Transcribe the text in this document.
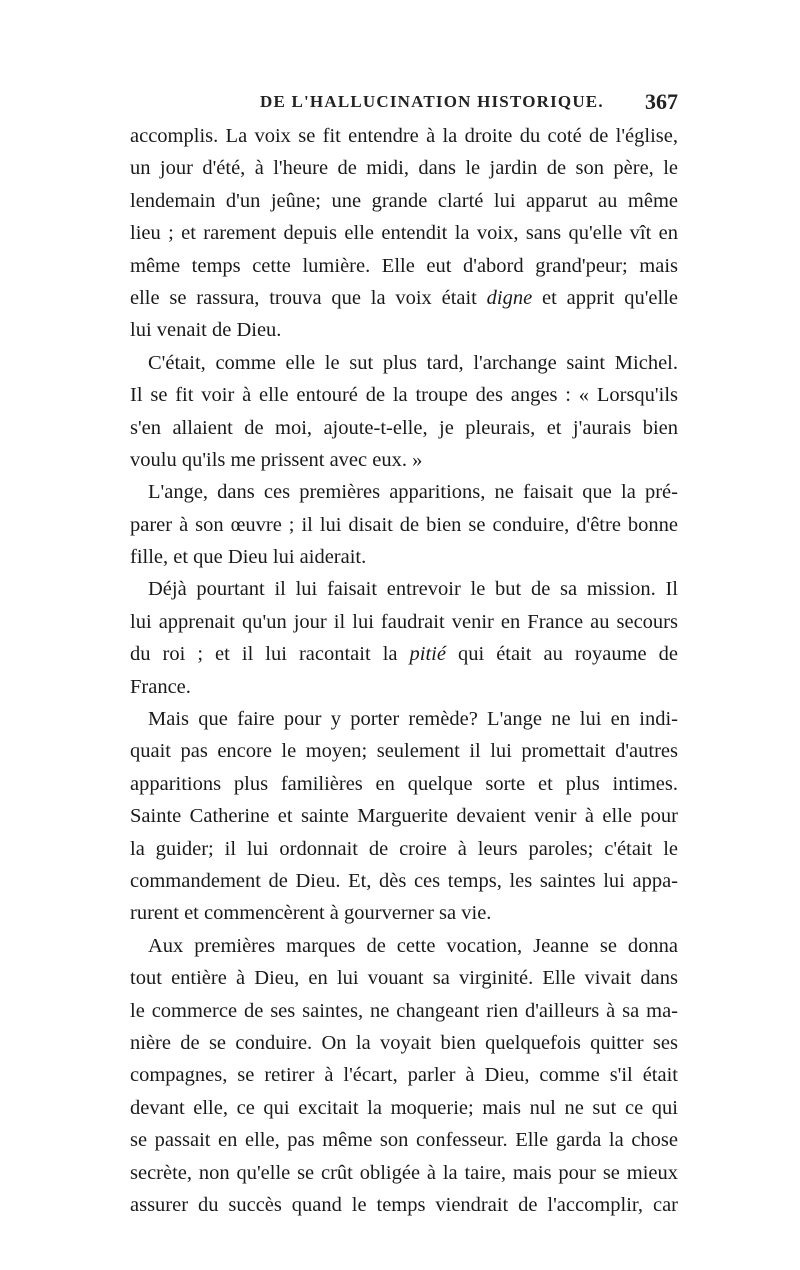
DE L'HALLUCINATION HISTORIQUE. 367
accomplis. La voix se fit entendre à la droite du coté de l'église,
un jour d'été, à l'heure de midi, dans le jardin de son père, le
lendemain d'un jeûne; une grande clarté lui apparut au même
lieu ; et rarement depuis elle entendit la voix, sans qu'elle vît en
même temps cette lumière. Elle eut d'abord grand'peur; mais
elle se rassura, trouva que la voix était digne et apprit qu'elle
lui venait de Dieu.
C'était, comme elle le sut plus tard, l'archange saint Michel.
Il se fit voir à elle entouré de la troupe des anges : « Lorsqu'ils
s'en allaient de moi, ajoute-t-elle, je pleurais, et j'aurais bien
voulu qu'ils me prissent avec eux. »
L'ange, dans ces premières apparitions, ne faisait que la pré-
parer à son œuvre ; il lui disait de bien se conduire, d'être bonne
fille, et que Dieu lui aiderait.
Déjà pourtant il lui faisait entrevoir le but de sa mission. Il
lui apprenait qu'un jour il lui faudrait venir en France au secours
du roi ; et il lui racontait la pitié qui était au royaume de
France.
Mais que faire pour y porter remède? L'ange ne lui en indi-
quait pas encore le moyen; seulement il lui promettait d'autres
apparitions plus familières en quelque sorte et plus intimes.
Sainte Catherine et sainte Marguerite devaient venir à elle pour
la guider; il lui ordonnait de croire à leurs paroles; c'était le
commandement de Dieu. Et, dès ces temps, les saintes lui appa-
rurent et commencèrent à gourverner sa vie.
Aux premières marques de cette vocation, Jeanne se donna
tout entière à Dieu, en lui vouant sa virginité. Elle vivait dans
le commerce de ses saintes, ne changeant rien d'ailleurs à sa ma-
nière de se conduire. On la voyait bien quelquefois quitter ses
compagnes, se retirer à l'écart, parler à Dieu, comme s'il était
devant elle, ce qui excitait la moquerie; mais nul ne sut ce qui
se passait en elle, pas même son confesseur. Elle garda la chose
secrète, non qu'elle se crût obligée à la taire, mais pour se mieux
assurer du succès quand le temps viendrait de l'accomplir, car
